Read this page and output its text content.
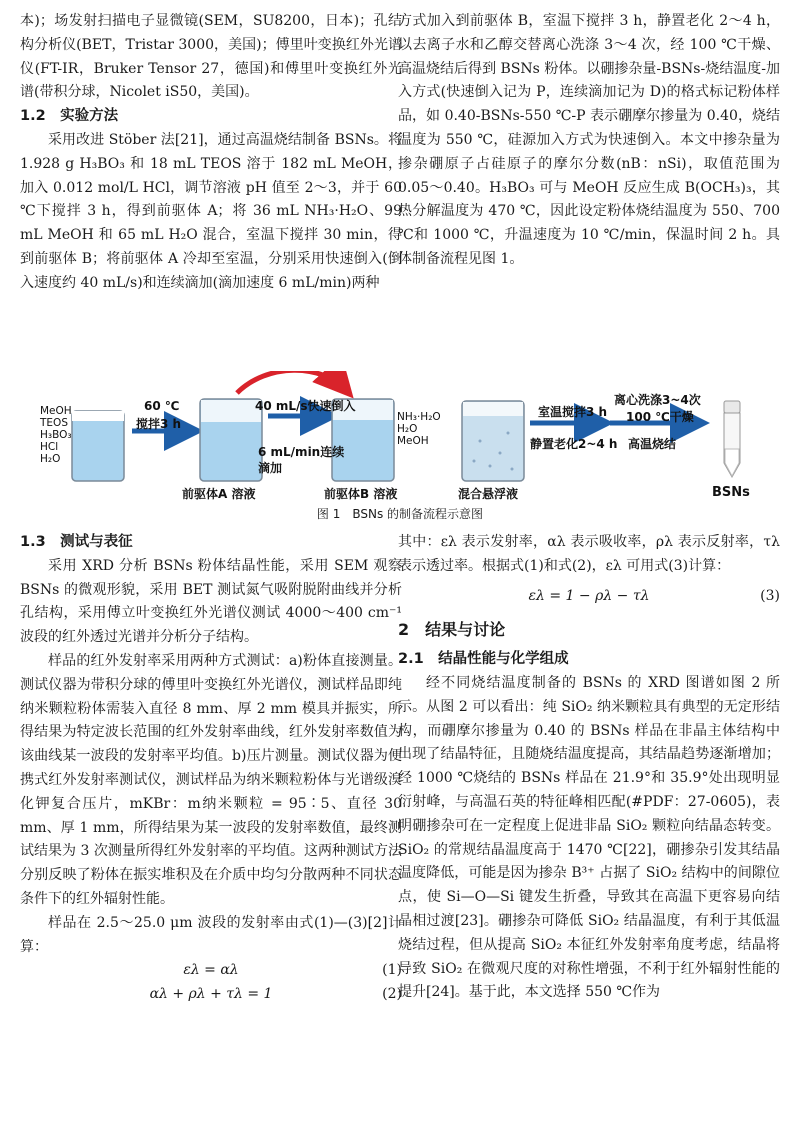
本)；场发射扫描电子显微镜(SEM，SU8200，日本)；孔结构分析仪(BET，Tristar 3000，美国)；傅里叶变换红外光谱仪(FT-IR，Bruker Tensor 27，德国)和傅里叶变换红外光谱(带积分球，Nicolet iS50，美国)。

1.2　实验方法

采用改进 Stöber 法[21]，通过高温烧结制备 BSNs。将 1.928 g H₃BO₃ 和 18 mL TEOS 溶于 182 mL MeOH，加入 0.012 mol/L HCl，调节溶液 pH 值至 2～3，并于 60 ℃下搅拌 3 h，得到前驱体 A；将 36 mL NH₃·H₂O、99 mL MeOH 和 65 mL H₂O 混合，室温下搅拌 30 min，得到前驱体 B；将前驱体 A 冷却至室温，分别采用快速倒入(倒入速度约 40 mL/s)和连续滴加(滴加速度 6 mL/min)两种

方式加入到前驱体 B，室温下搅拌 3 h，静置老化 2～4 h，以去离子水和乙醇交替离心洗涤 3～4 次，经 100 ℃干燥、高温烧结后得到 BSNs 粉体。以硼掺杂量-BSNs-烧结温度-加入方式(快速倒入记为 P，连续滴加记为 D)的格式标记粉体样品，如 0.40-BSNs-550 ℃-P 表示硼摩尔掺量为 0.40，烧结温度为 550 ℃，硅源加入方式为快速倒入。本文中掺杂量为掺杂硼原子占硅原子的摩尔分数(nB：nSi)，取值范围为 0.05～0.40。H₃BO₃ 可与 MeOH 反应生成 B(OCH₃)₃，其热分解温度为 470 ℃，因此设定粉体烧结温度为 550、700 ℃和 1000 ℃，升温速度为 10 ℃/min，保温时间 2 h。具体制备流程见图 1。

MeOH
TEOS
H₃BO₃
HCl
H₂O
60 ℃
搅拌3 h
前驱体A 溶液
40 mL/s快速倒入
6 mL/min连续
滴加
NH₃·H₂O
H₂O
MeOH
前驱体B 溶液
室温搅拌3 h
静置老化2~4 h
混合悬浮液
离心洗涤3~4次
100 ℃干燥
高温烧结
BSNs
图 1　BSNs 的制备流程示意图

1.3　测试与表征

采用 XRD 分析 BSNs 粉体结晶性能，采用 SEM 观察 BSNs 的微观形貌，采用 BET 测试氮气吸附脱附曲线并分析孔结构，采用傅立叶变换红外光谱仪测试 4000～400 cm⁻¹ 波段的红外透过光谱并分析分子结构。

样品的红外发射率采用两种方式测试：a)粉体直接测量。测试仪器为带积分球的傅里叶变换红外光谱仪，测试样品即纯纳米颗粒粉体需装入直径 8 mm、厚 2 mm 模具并振实，所得结果为特定波长范围的红外发射率曲线，红外发射率数值为该曲线某一波段的发射率平均值。b)压片测量。测试仪器为便携式红外发射率测试仪，测试样品为纳米颗粒粉体与光谱级溴化钾复合压片，mKBr：m纳米颗粒 = 95∶5、直径 30 mm、厚 1 mm，所得结果为某一波段的发射率数值，最终测试结果为 3 次测量所得红外发射率的平均值。这两种测试方法分别反映了粉体在振实堆积及在介质中均匀分散两种不同状态条件下的红外辐射性能。

样品在 2.5～25.0 μm 波段的发射率由式(1)—(3)[2]计算：

ελ = αλ	(1)
αλ + ρλ + τλ = 1	(2)

其中：ελ 表示发射率，αλ 表示吸收率，ρλ 表示反射率，τλ 表示透过率。根据式(1)和式(2)，ελ 可用式(3)计算：

ελ = 1 − ρλ − τλ	(3)

2　结果与讨论

2.1　结晶性能与化学组成

经不同烧结温度制备的 BSNs 的 XRD 图谱如图 2 所示。从图 2 可以看出：纯 SiO₂ 纳米颗粒具有典型的无定形结构，而硼摩尔掺量为 0.40 的 BSNs 样品在非晶主体结构中出现了结晶特征，且随烧结温度提高，其结晶趋势逐渐增加；经 1000 ℃烧结的 BSNs 样品在 21.9°和 35.9°处出现明显衍射峰，与高温石英的特征峰相匹配(#PDF：27-0605)，表明硼掺杂可在一定程度上促进非晶 SiO₂ 颗粒向结晶态转变。SiO₂ 的常规结晶温度高于 1470 ℃[22]，硼掺杂引发其结晶温度降低，可能是因为掺杂 B³⁺ 占据了 SiO₂ 结构中的间隙位点，使 Si—O—Si 键发生折叠，导致其在高温下更容易向结晶相过渡[23]。硼掺杂可降低 SiO₂ 结晶温度，有利于其低温烧结过程，但从提高 SiO₂ 本征红外发射率角度考虑，结晶将导致 SiO₂ 在微观尺度的对称性增强，不利于红外辐射性能的提升[24]。基于此，本文选择 550 ℃作为
